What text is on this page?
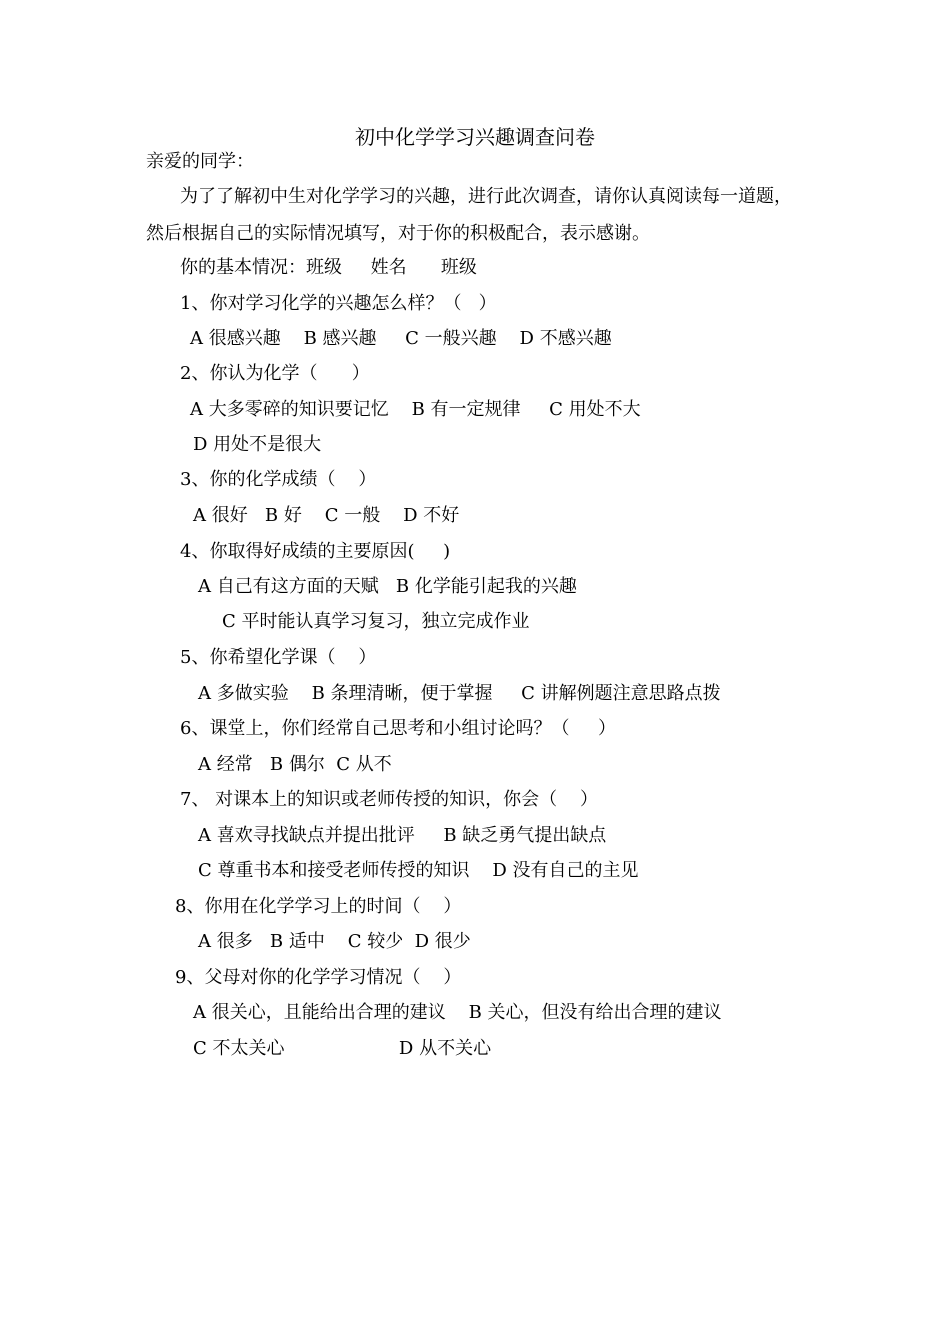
初中化学学习兴趣调查问卷
亲爱的同学：
为了了解初中生对化学学习的兴趣，进行此次调查，请你认真阅读每一道题，
然后根据自己的实际情况填写，对于你的积极配合，表示感谢。
你的基本情况：班级     姓名      班级
1、你对学习化学的兴趣怎么样？（   ）
A 很感兴趣    B 感兴趣     C 一般兴趣    D 不感兴趣
2、你认为化学（      ）
A 大多零碎的知识要记忆    B 有一定规律     C 用处不大
D 用处不是很大
3、你的化学成绩（    ）
A 很好   B 好    C 一般    D 不好
4、你取得好成绩的主要原因(     )
A 自己有这方面的天赋   B 化学能引起我的兴趣
C 平时能认真学习复习，独立完成作业
5、你希望化学课（    ）
A 多做实验    B 条理清晰，便于掌握     C 讲解例题注意思路点拨
6、课堂上，你们经常自己思考和小组讨论吗？（     ）
A 经常   B 偶尔  C 从不
7、 对课本上的知识或老师传授的知识，你会（    ）
A 喜欢寻找缺点并提出批评     B 缺乏勇气提出缺点
C 尊重书本和接受老师传授的知识    D 没有自己的主见
8、你用在化学学习上的时间（    ）
A 很多   B 适中    C 较少  D 很少
9、父母对你的化学学习情况（    ）
A 很关心，且能给出合理的建议    B 关心，但没有给出合理的建议
C 不太关心                    D 从不关心
